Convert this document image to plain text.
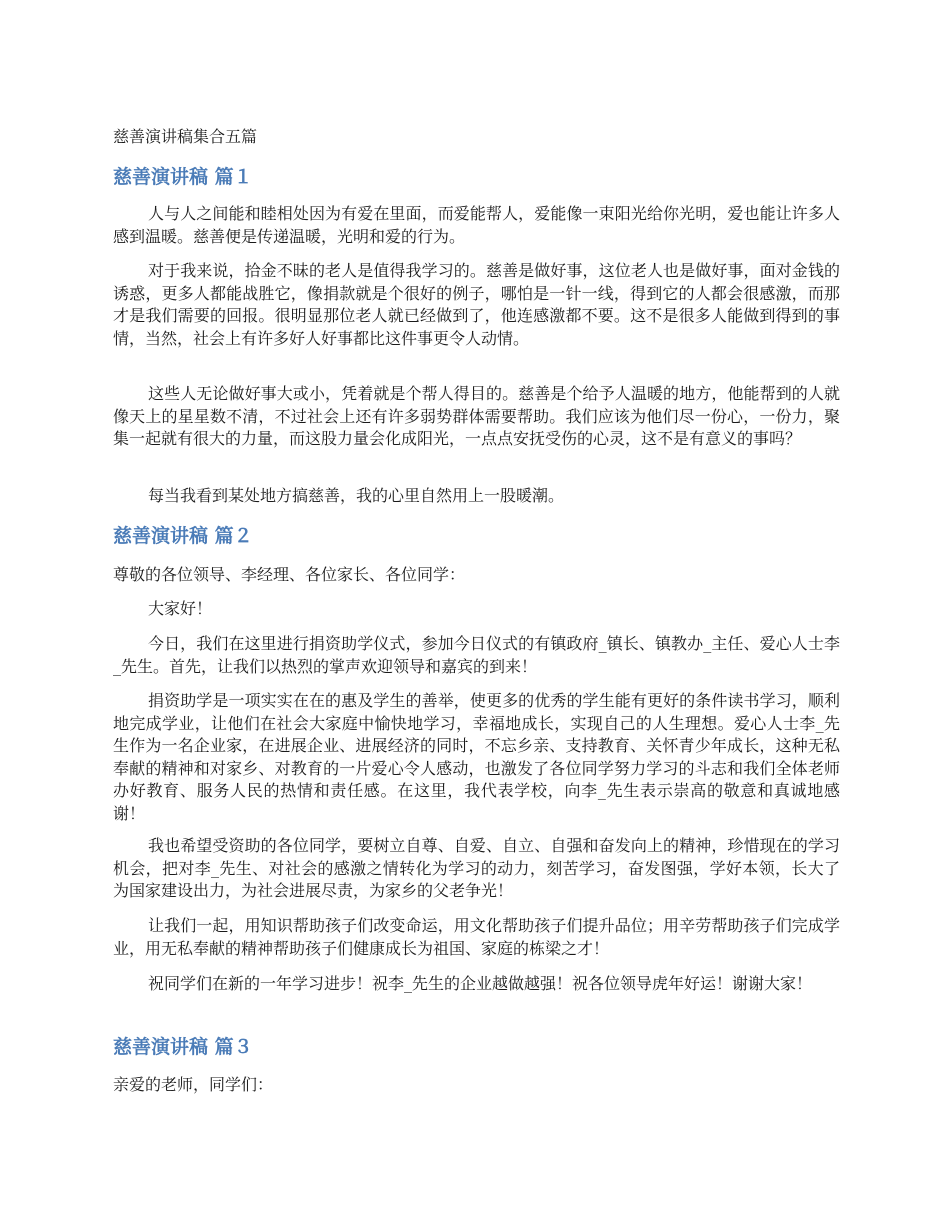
慈善演讲稿集合五篇
慈善演讲稿 篇１
人与人之间能和睦相处因为有爱在里面，而爱能帮人，爱能像一束阳光给你光明，爱也能让许多人感到温暖。慈善便是传递温暖，光明和爱的行为。
对于我来说，拾金不昧的老人是值得我学习的。慈善是做好事，这位老人也是做好事，面对金钱的诱惑，更多人都能战胜它，像捐款就是个很好的例子，哪怕是一针一线，得到它的人都会很感激，而那才是我们需要的回报。很明显那位老人就已经做到了，他连感激都不要。这不是很多人能做到得到的事情，当然，社会上有许多好人好事都比这件事更令人动情。
这些人无论做好事大或小，凭着就是个帮人得目的。慈善是个给予人温暖的地方，他能帮到的人就像天上的星星数不清，不过社会上还有许多弱势群体需要帮助。我们应该为他们尽一份心，一份力，聚集一起就有很大的力量，而这股力量会化成阳光，一点点安抚受伤的心灵，这不是有意义的事吗？
每当我看到某处地方搞慈善，我的心里自然用上一股暖潮。
慈善演讲稿 篇２
尊敬的各位领导、李经理、各位家长、各位同学：
大家好！
今日，我们在这里进行捐资助学仪式，参加今日仪式的有镇政府_镇长、镇教办_主任、爱心人士李_先生。首先，让我们以热烈的掌声欢迎领导和嘉宾的到来！
捐资助学是一项实实在在的惠及学生的善举，使更多的优秀的学生能有更好的条件读书学习，顺利地完成学业，让他们在社会大家庭中愉快地学习，幸福地成长，实现自己的人生理想。爱心人士李_先生作为一名企业家，在进展企业、进展经济的同时，不忘乡亲、支持教育、关怀青少年成长，这种无私奉献的精神和对家乡、对教育的一片爱心令人感动，也激发了各位同学努力学习的斗志和我们全体老师办好教育、服务人民的热情和责任感。在这里，我代表学校，向李_先生表示崇高的敬意和真诚地感谢！
我也希望受资助的各位同学，要树立自尊、自爱、自立、自强和奋发向上的精神，珍惜现在的学习机会，把对李_先生、对社会的感激之情转化为学习的动力，刻苦学习，奋发图强，学好本领，长大了为国家建设出力，为社会进展尽责，为家乡的父老争光！
让我们一起，用知识帮助孩子们改变命运，用文化帮助孩子们提升品位；用辛劳帮助孩子们完成学业，用无私奉献的精神帮助孩子们健康成长为祖国、家庭的栋梁之才！
祝同学们在新的一年学习进步！祝李_先生的企业越做越强！祝各位领导虎年好运！谢谢大家！
慈善演讲稿 篇３
亲爱的老师，同学们：
